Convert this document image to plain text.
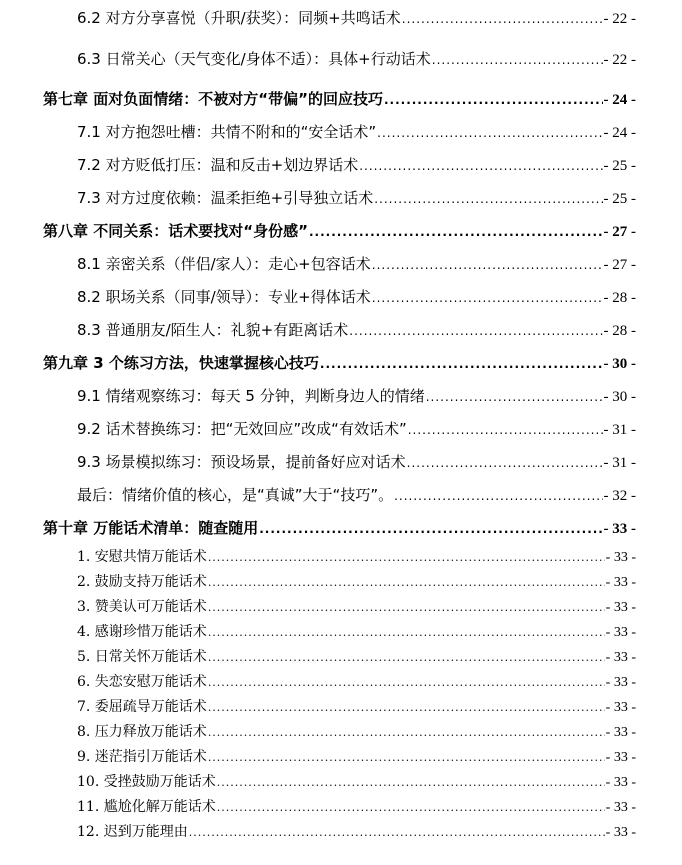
6.2 对方分享喜悦（升职/获奖）：同频+共鸣话术 .....	- 22 -
6.3 日常关心（天气变化/身体不适）：具体+行动话术 .....	- 22 -
第七章 面对负面情绪：不被对方“带偏”的回应技巧 .....	- 24 -
7.1 对方抱怨吐槽：共情不附和的“安全话术” .....	- 24 -
7.2 对方贬低打压：温和反击+划边界话术 .....	- 25 -
7.3 对方过度依赖：温柔拒绝+引导独立话术 .....	- 25 -
第八章 不同关系：话术要找对“身份感” .....	- 27 -
8.1 亲密关系（伴侣/家人）：走心+包容话术 .....	- 27 -
8.2 职场关系（同事/领导）：专业+得体话术 .....	- 28 -
8.3 普通朋友/陌生人：礼貌+有距离话术 .....	- 28 -
第九章 3 个练习方法，快速掌握核心技巧 .....	- 30 -
9.1 情绪观察练习：每天 5 分钟，判断身边人的情绪 .....	- 30 -
9.2 话术替换练习：把“无效回应”改成“有效话术” .....	- 31 -
9.3 场景模拟练习：预设场景，提前备好应对话术 .....	- 31 -
最后：情绪价值的核心，是“真诚”大于“技巧”。 .....	- 32 -
第十章 万能话术清单：随查随用 .....	- 33 -
1. 安慰共情万能话术 .....	- 33 -
2. 鼓励支持万能话术 .....	- 33 -
3. 赞美认可万能话术 .....	- 33 -
4. 感谢珍惜万能话术 .....	- 33 -
5. 日常关怀万能话术 .....	- 33 -
6. 失恋安慰万能话术 .....	- 33 -
7. 委屈疏导万能话术 .....	- 33 -
8. 压力释放万能话术 .....	- 33 -
9. 迷茫指引万能话术 .....	- 33 -
10. 受挫鼓励万能话术 .....	- 33 -
11. 尴尬化解万能话术 .....	- 33 -
12. 迟到万能理由 .....	- 33 -
